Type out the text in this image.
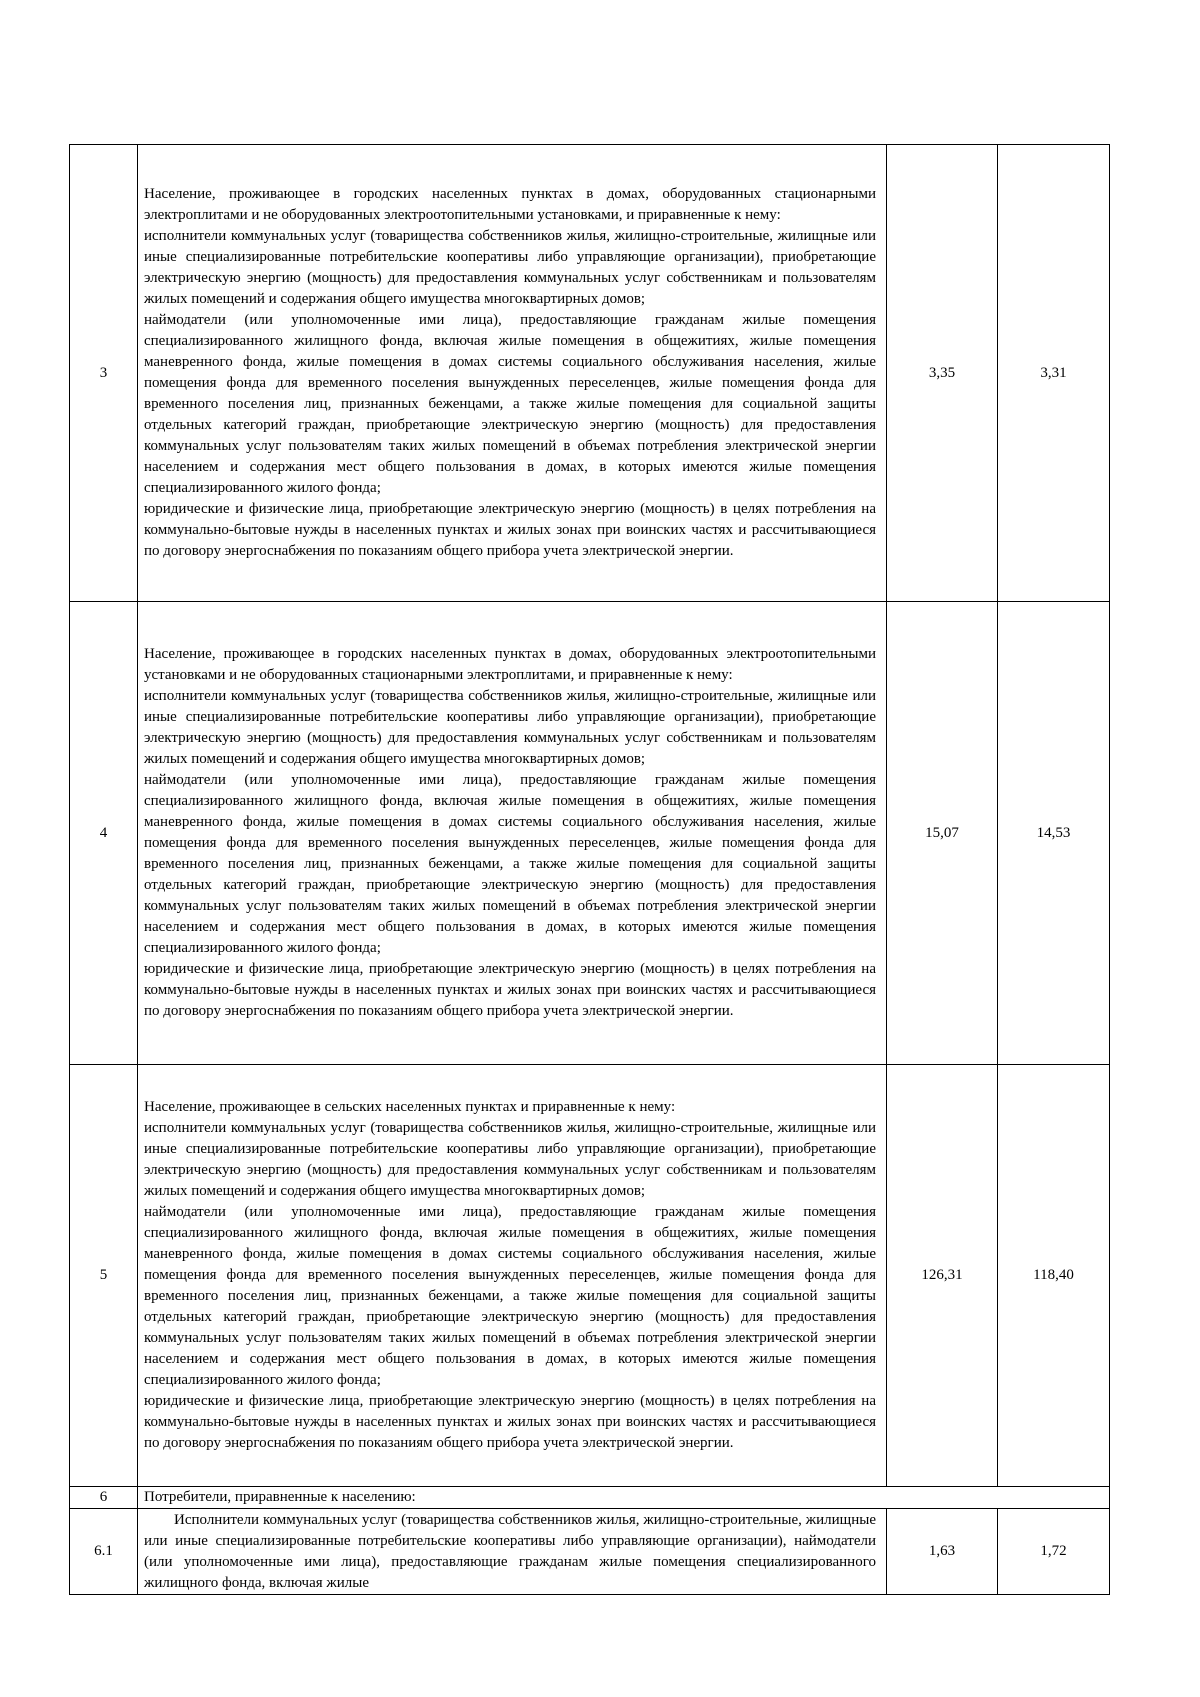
3	Население, проживающее в городских населенных пунктах в домах, оборудованных стационарными электроплитами и не оборудованных электроотопительными установками, и приравненные к нему:

исполнители коммунальных услуг (товарищества собственников жилья, жилищно-строительные, жилищные или иные специализированные потребительские кооперативы либо управляющие организации), приобретающие электрическую энергию (мощность) для предоставления коммунальных услуг собственникам и пользователям жилых помещений и содержания общего имущества многоквартирных домов;

наймодатели (или уполномоченные ими лица), предоставляющие гражданам жилые помещения специализированного жилищного фонда, включая жилые помещения в общежитиях, жилые помещения маневренного фонда, жилые помещения в домах системы социального обслуживания населения, жилые помещения фонда для временного поселения вынужденных переселенцев, жилые помещения фонда для временного поселения лиц, признанных беженцами, а также жилые помещения для социальной защиты отдельных категорий граждан, приобретающие электрическую энергию (мощность) для предоставления коммунальных услуг пользователям таких жилых помещений в объемах потребления электрической энергии населением и содержания мест общего пользования в домах, в которых имеются жилые помещения специализированного жилого фонда;

юридические и физические лица, приобретающие электрическую энергию (мощность) в целях потребления на коммунально-бытовые нужды в населенных пунктах и жилых зонах при воинских частях и рассчитывающиеся по договору энергоснабжения по показаниям общего прибора учета электрической энергии.	3,35	3,31
4	Население, проживающее в городских населенных пунктах в домах, оборудованных электроотопительными установками и не оборудованных стационарными электроплитами, и приравненные к нему:

исполнители коммунальных услуг (товарищества собственников жилья, жилищно-строительные, жилищные или иные специализированные потребительские кооперативы либо управляющие организации), приобретающие электрическую энергию (мощность) для предоставления коммунальных услуг собственникам и пользователям жилых помещений и содержания общего имущества многоквартирных домов;

наймодатели (или уполномоченные ими лица), предоставляющие гражданам жилые помещения специализированного жилищного фонда, включая жилые помещения в общежитиях, жилые помещения маневренного фонда, жилые помещения в домах системы социального обслуживания населения, жилые помещения фонда для временного поселения вынужденных переселенцев, жилые помещения фонда для временного поселения лиц, признанных беженцами, а также жилые помещения для социальной защиты отдельных категорий граждан, приобретающие электрическую энергию (мощность) для предоставления коммунальных услуг пользователям таких жилых помещений в объемах потребления электрической энергии населением и содержания мест общего пользования в домах, в которых имеются жилые помещения специализированного жилого фонда;

юридические и физические лица, приобретающие электрическую энергию (мощность) в целях потребления на коммунально-бытовые нужды в населенных пунктах и жилых зонах при воинских частях и рассчитывающиеся по договору энергоснабжения по показаниям общего прибора учета электрической энергии.	15,07	14,53
5	Население, проживающее в сельских населенных пунктах и приравненные к нему:

исполнители коммунальных услуг (товарищества собственников жилья, жилищно-строительные, жилищные или иные специализированные потребительские кооперативы либо управляющие организации), приобретающие электрическую энергию (мощность) для предоставления коммунальных услуг собственникам и пользователям жилых помещений и содержания общего имущества многоквартирных домов;

наймодатели (или уполномоченные ими лица), предоставляющие гражданам жилые помещения специализированного жилищного фонда, включая жилые помещения в общежитиях, жилые помещения маневренного фонда, жилые помещения в домах системы социального обслуживания населения, жилые помещения фонда для временного поселения вынужденных переселенцев, жилые помещения фонда для временного поселения лиц, признанных беженцами, а также жилые помещения для социальной защиты отдельных категорий граждан, приобретающие электрическую энергию (мощность) для предоставления коммунальных услуг пользователям таких жилых помещений в объемах потребления электрической энергии населением и содержания мест общего пользования в домах, в которых имеются жилые помещения специализированного жилого фонда;

юридические и физические лица, приобретающие электрическую энергию (мощность) в целях потребления на коммунально-бытовые нужды в населенных пунктах и жилых зонах при воинских частях и рассчитывающиеся по договору энергоснабжения по показаниям общего прибора учета электрической энергии.	126,31	118,40
6	Потребители, приравненные к населению:		
6.1	Исполнители коммунальных услуг (товарищества собственников жилья, жилищно-строительные, жилищные или иные специализированные потребительские кооперативы либо управляющие организации), наймодатели (или уполномоченные ими лица), предоставляющие гражданам жилые помещения специализированного жилищного фонда, включая жилые	1,63	1,72
